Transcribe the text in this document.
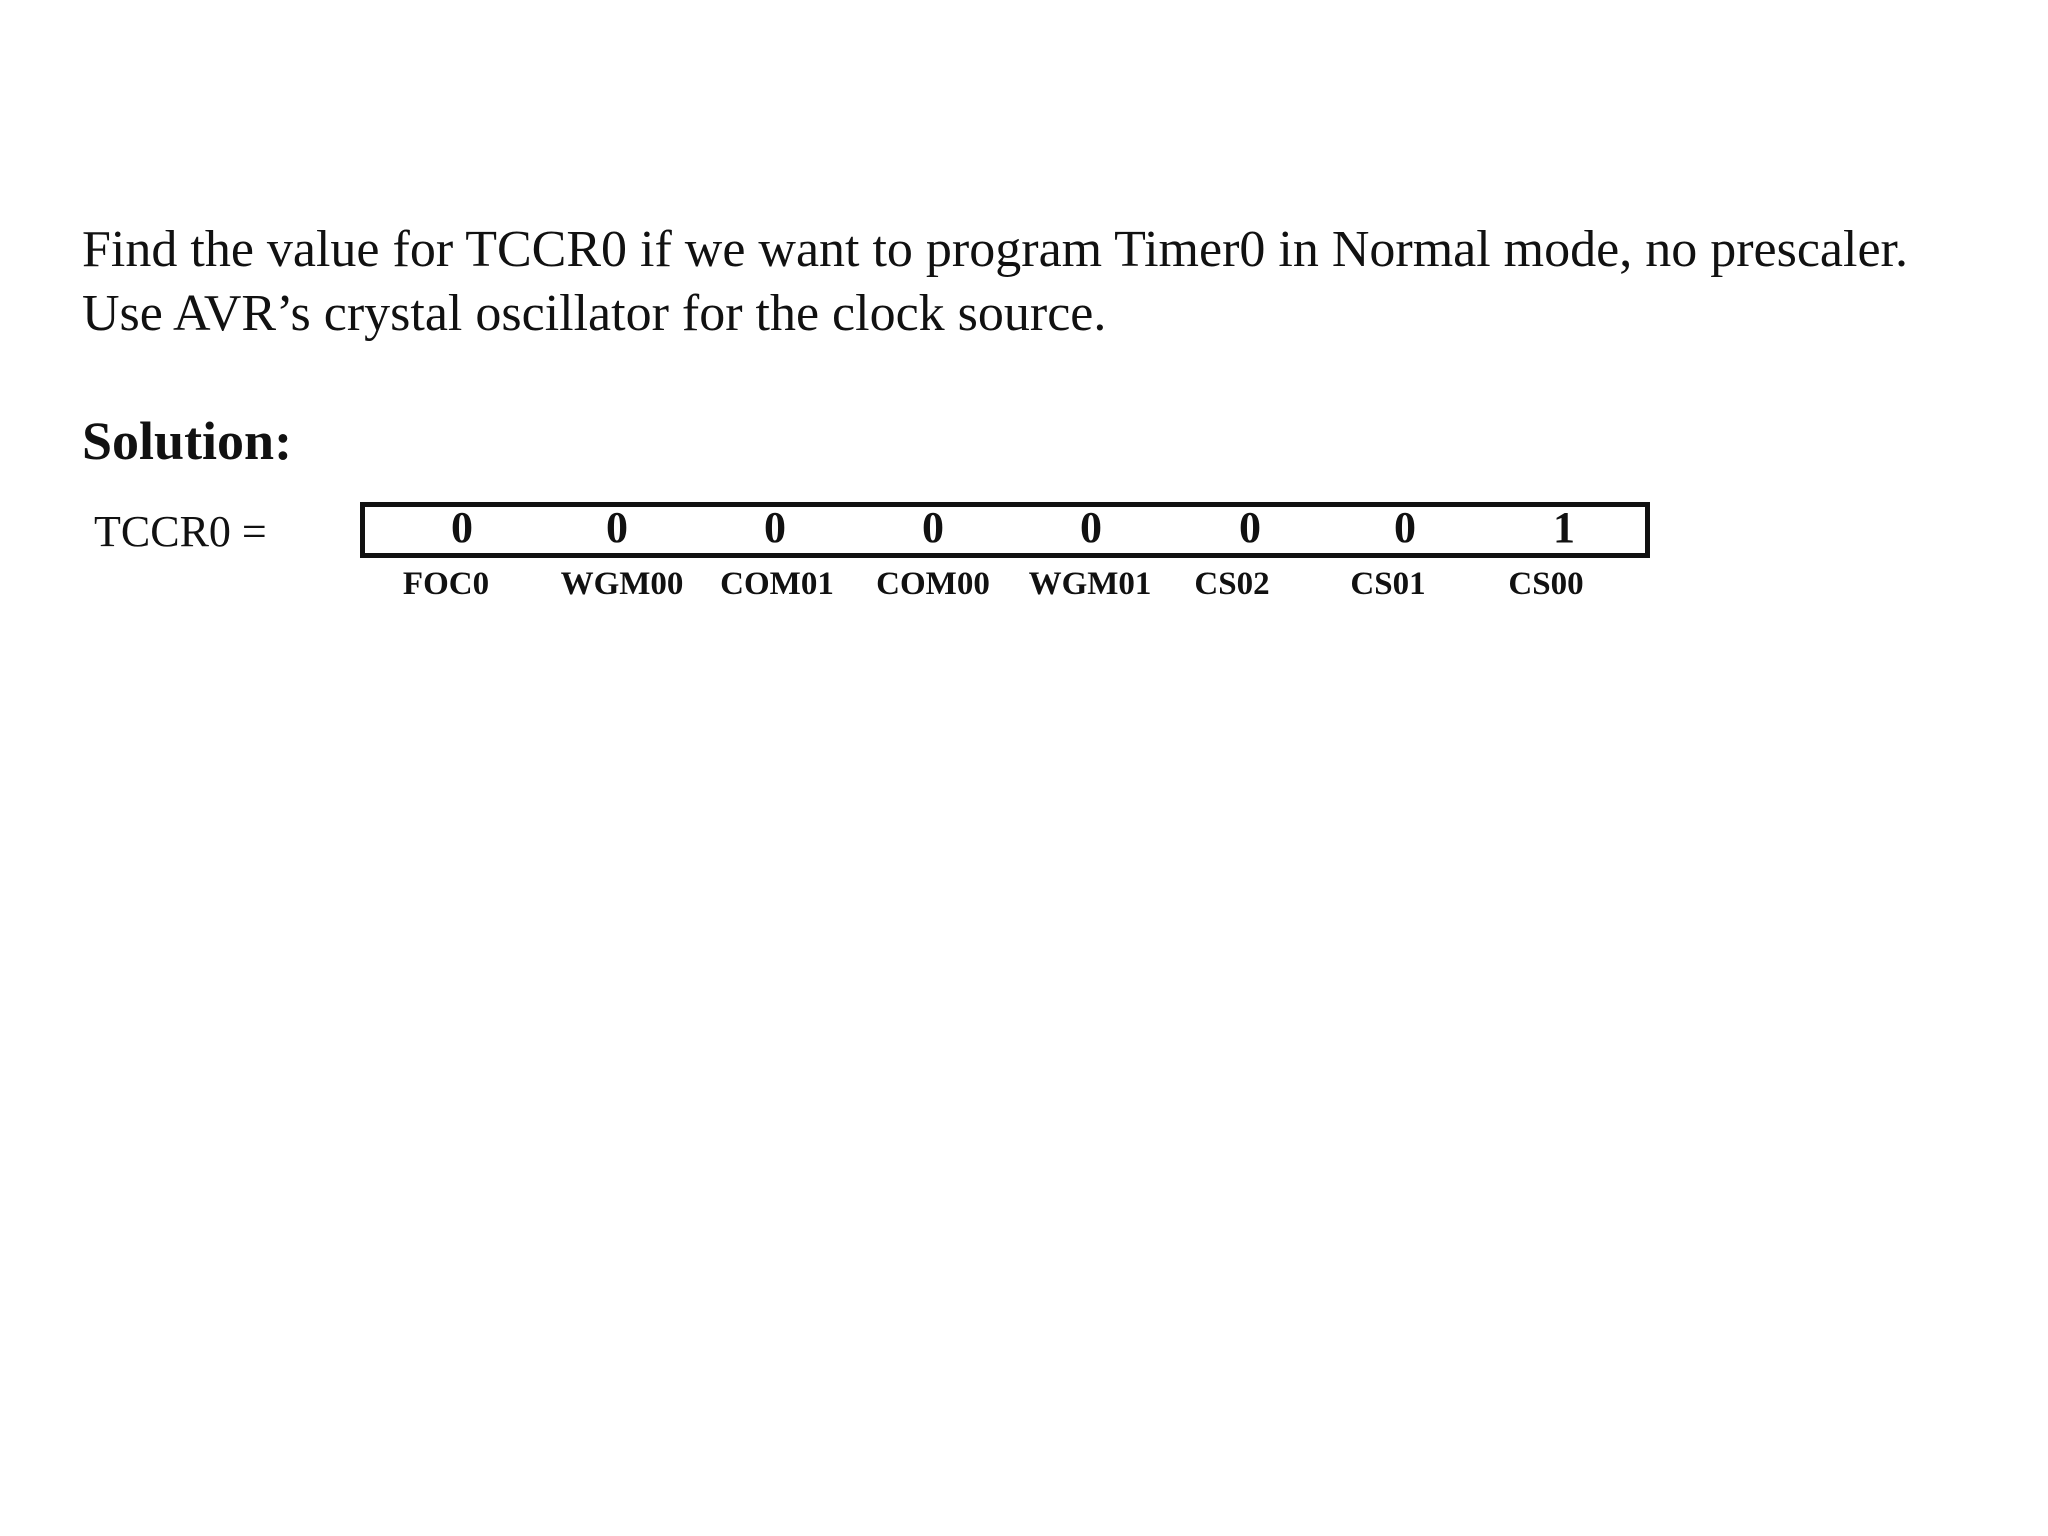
Find the value for TCCR0 if we want to program Timer0 in Normal mode, no prescaler.
Use AVR’s crystal oscillator for the clock source.

Solution:
TCCR0 =	0	0	0	0	0	0	0	1
FOC0	WGM00	COM01	COM00	WGM01	CS02	CS01	CS00
